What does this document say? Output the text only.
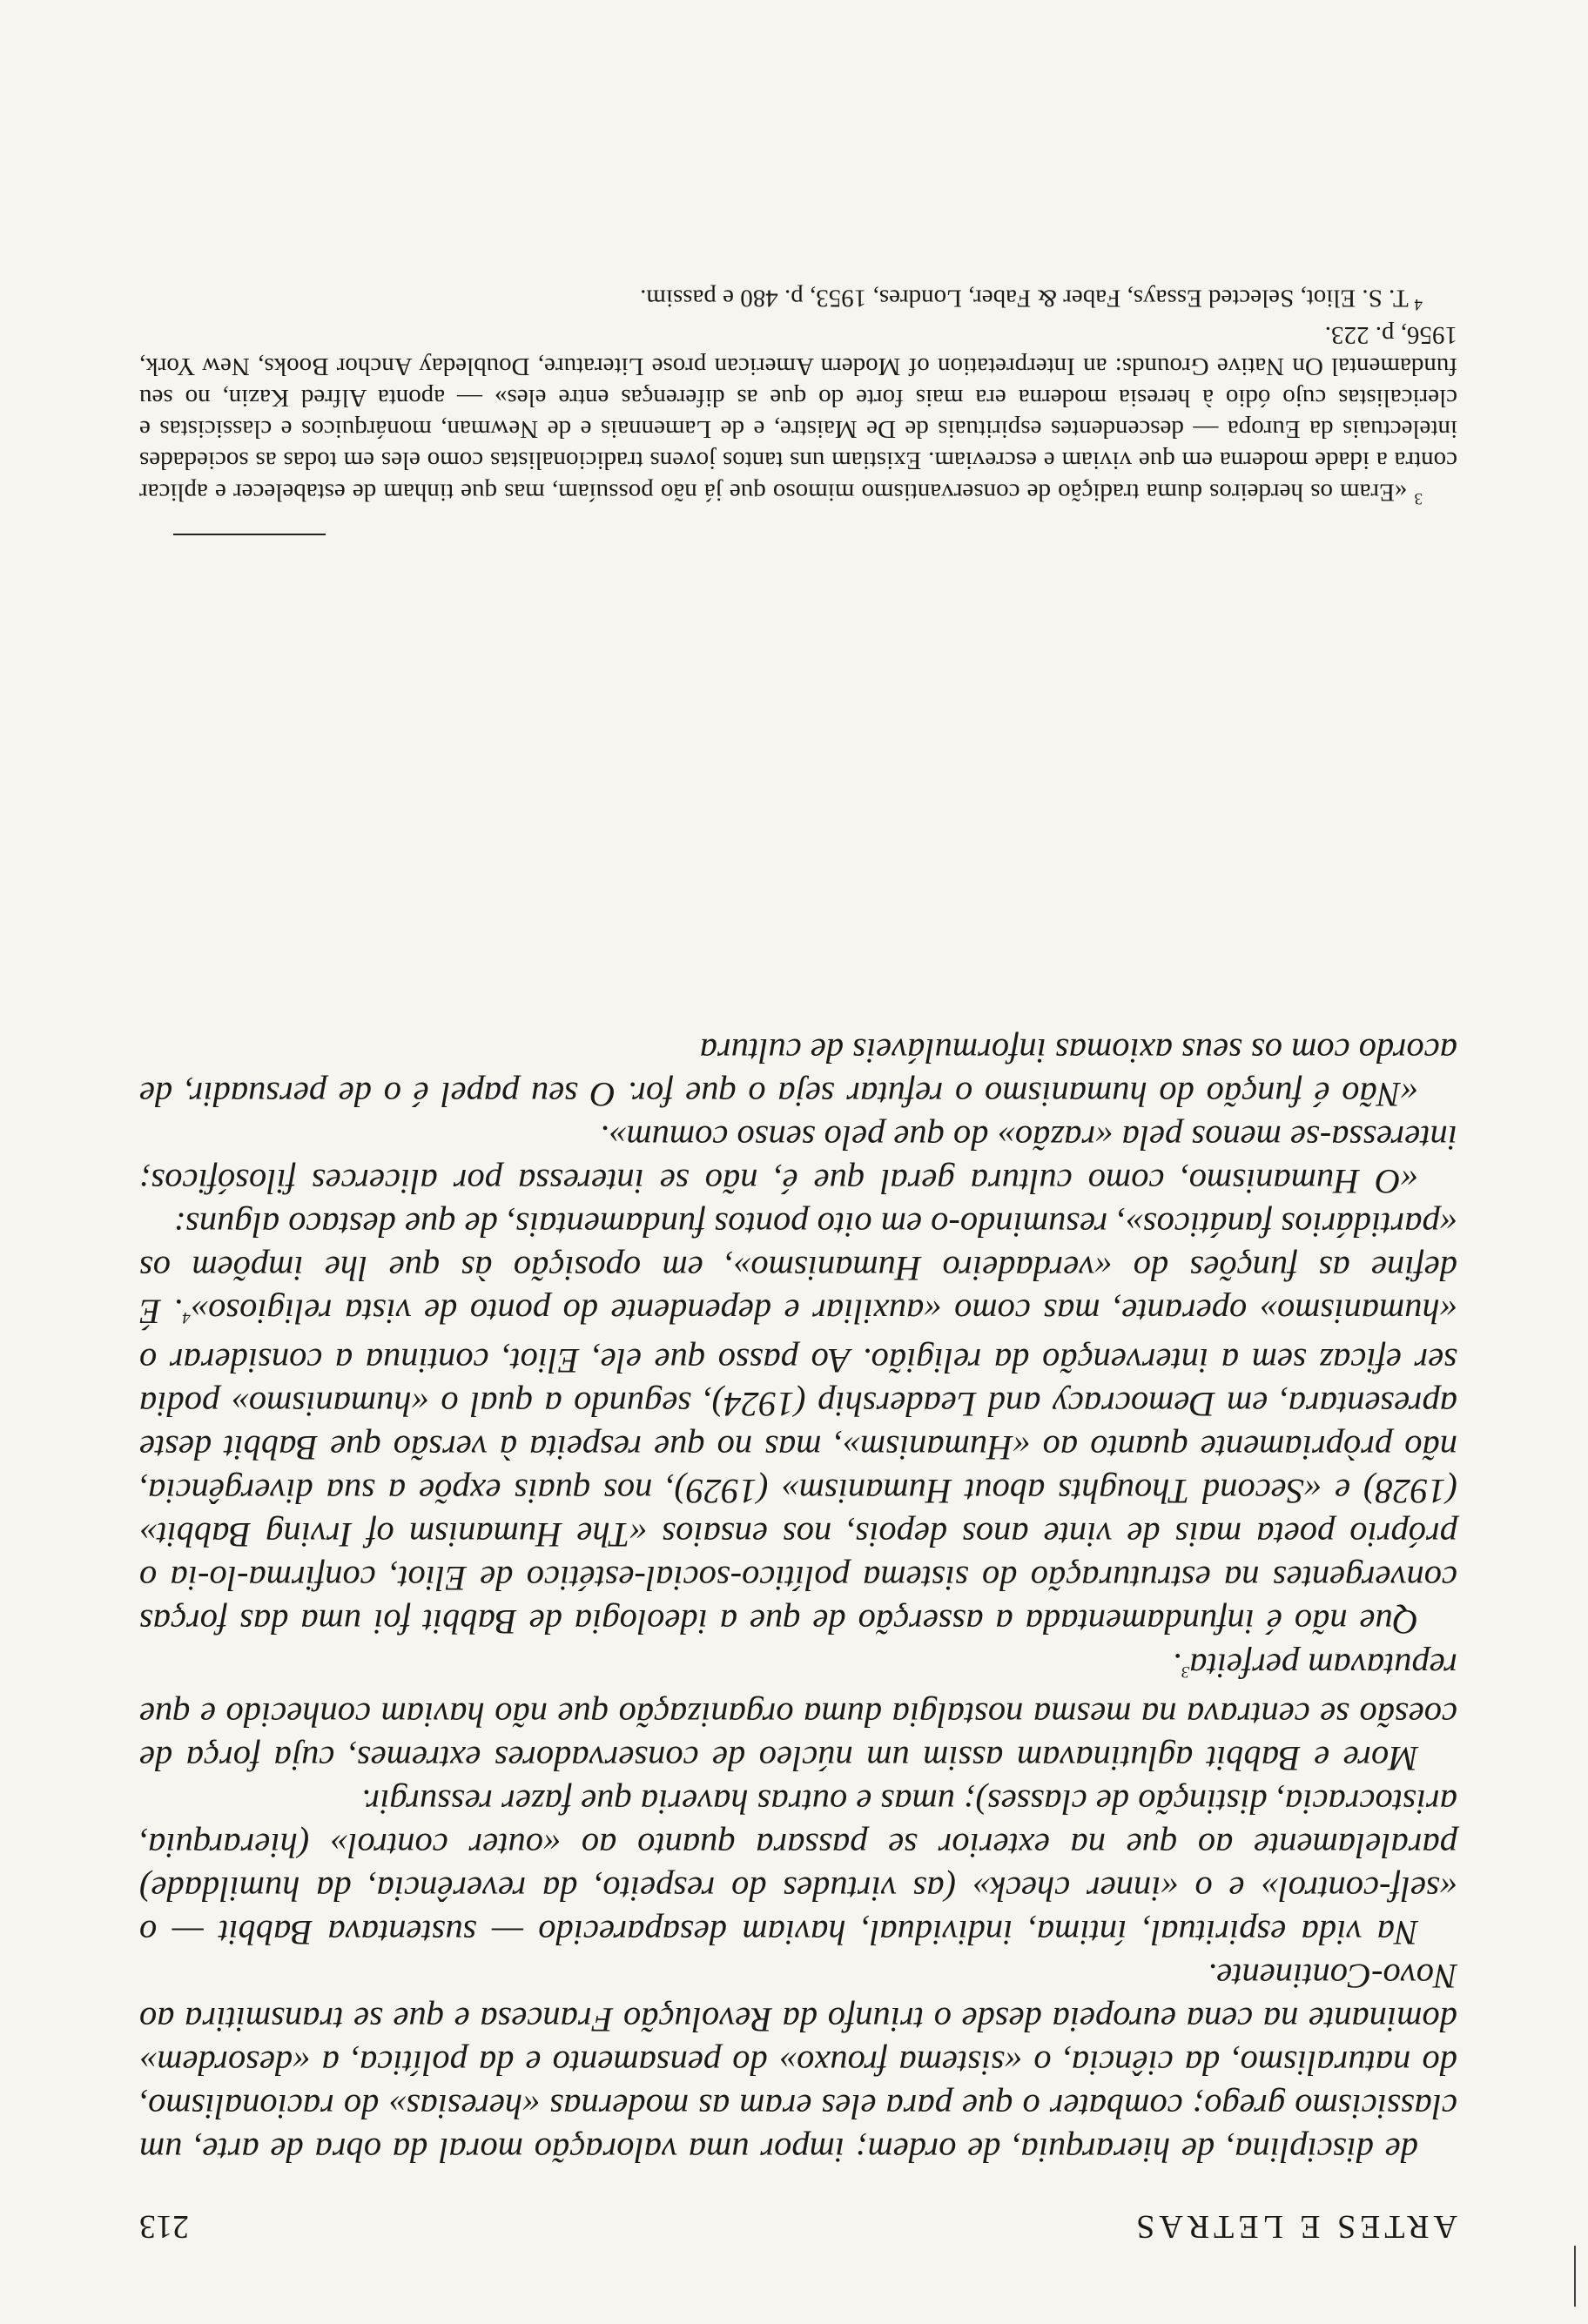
ARTES E LETRAS
213

de disciplina, de hierarquia, de ordem; impor uma valoração moral da obra de arte, um classicismo grego; combater o que para eles eram as modernas «heresias» do racionalismo, do naturalismo, da ciência, o «sistema frouxo» do pensamento e da política, a «desordem» dominante na cena europeia desde o triunfo da Revolução Francesa e que se transmitira ao Novo-Continente.

Na vida espiritual, íntima, individual, haviam desaparecido — sustentava Babbit — o «self-control» e o «inner check» (as virtudes do respeito, da reverência, da humildade) paralelamente ao que na exterior se passara quanto ao «outer control» (hierarquia, aristocracia, distinção de classes); umas e outras haveria que fazer ressurgir.

More e Babbit aglutinavam assim um núcleo de conservadores extremes, cuja força de coesão se centrava na mesma nostalgia duma organização que não haviam conhecido e que reputavam perfeita$^3$.

Que não é infundamentada a asserção de que a ideologia de Babbit foi uma das forças convergentes na estruturação do sistema político-social-estético de Eliot, confirma-lo-ia o próprio poeta mais de vinte anos depois, nos ensaios «The Humanism of Irving Babbit» (1928) e «Second Thoughts about Humanism» (1929), nos quais expõe a sua divergência, não pròpriamente quanto ao «Humanism», mas no que respeita à versão que Babbit deste apresentara, em Democracy and Leadership (1924), segundo a qual o «humanismo» podia ser eficaz sem a intervenção da religião. Ao passo que ele, Eliot, continua a considerar o «humanismo» operante, mas como «auxiliar e dependente do ponto de vista religioso»$^4$. É define as funções do «verdadeiro Humanismo», em oposição às que lhe impõem os «partidários fanáticos», resumindo-o em oito pontos fundamentais, de que destaco alguns:

«O Humanismo, como cultura geral que é, não se interessa por alicerces filosóficos; interessa-se menos pela «razão» do que pelo senso comum».

«Não é função do humanismo o refutar seja o que for. O seu papel é o de persuadir, de acordo com os seus axiomas informuláveis de cultura

$^3$ «Eram os herdeiros duma tradição de conservantismo mimoso que já não possuíam, mas que tinham de estabelecer e aplicar contra a idade moderna em que viviam e escreviam. Existiam uns tantos jovens tradicionalistas como eles em todas as sociedades intelectuais da Europa — descendentes espirituais de De Maistre, e de Lamennais e de Newman, monárquicos e classicistas e clericalistas cujo ódio à heresia moderna era mais forte do que as diferenças entre eles» — aponta Alfred Kazin, no seu fundamental On Native Grounds: an Interpretation of Modern American prose Literature, Doubleday Anchor Books, New York, 1956, p. 223.

$^4$ T. S. Eliot, Selected Essays, Faber & Faber, Londres, 1953, p. 480 e passim.
